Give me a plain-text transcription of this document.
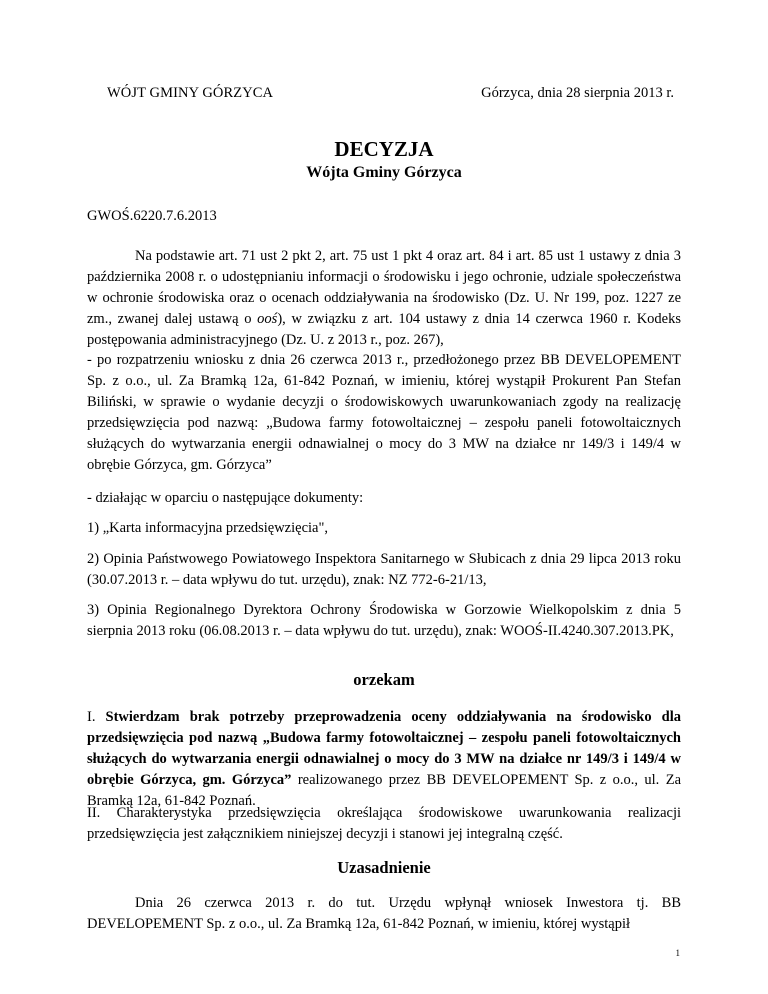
WÓJT GMINY GÓRZYCA	Górzyca, dnia 28 sierpnia 2013 r.
DECYZJA
Wójta Gminy Górzyca
GWOŚ.6220.7.6.2013
Na podstawie art. 71 ust 2 pkt 2, art. 75 ust 1 pkt 4 oraz art. 84 i art. 85 ust 1 ustawy z dnia 3 października 2008 r. o udostępnianiu informacji o środowisku i jego ochronie, udziale społeczeństwa w ochronie środowiska oraz o ocenach oddziaływania na środowisko (Dz. U. Nr 199, poz. 1227 ze zm., zwanej dalej ustawą o ooś), w związku z art. 104 ustawy z dnia 14 czerwca 1960 r. Kodeks postępowania administracyjnego (Dz. U. z 2013 r., poz. 267),
- po rozpatrzeniu wniosku z dnia 26 czerwca 2013 r., przedłożonego przez BB DEVELOPEMENT Sp. z o.o., ul. Za Bramką 12a, 61-842 Poznań, w imieniu, której wystąpił Prokurent Pan Stefan Biliński, w sprawie o wydanie decyzji o środowiskowych uwarunkowaniach zgody na realizację przedsięwzięcia pod nazwą: „Budowa farmy fotowoltaicznej – zespołu paneli fotowoltaicznych służących do wytwarzania energii odnawialnej o mocy do 3 MW na działce nr 149/3 i 149/4 w obrębie Górzyca, gm. Górzyca”
- działając w oparciu o następujące dokumenty:
1) „Karta informacyjna przedsięwzięcia",
2) Opinia Państwowego Powiatowego Inspektora Sanitarnego w Słubicach z dnia 29 lipca 2013 roku (30.07.2013 r. – data wpływu do tut. urzędu), znak: NZ 772-6-21/13,
3) Opinia Regionalnego Dyrektora Ochrony Środowiska w Gorzowie Wielkopolskim z dnia 5 sierpnia 2013 roku (06.08.2013 r. – data wpływu do tut. urzędu), znak: WOOŚ-II.4240.307.2013.PK,
orzekam
I. Stwierdzam brak potrzeby przeprowadzenia oceny oddziaływania na środowisko dla przedsięwzięcia pod nazwą „Budowa farmy fotowoltaicznej – zespołu paneli fotowoltaicznych służących do wytwarzania energii odnawialnej o mocy do 3 MW na działce nr 149/3 i 149/4 w obrębie Górzyca, gm. Górzyca” realizowanego przez BB DEVELOPEMENT Sp. z o.o., ul. Za Bramką 12a, 61-842 Poznań.
II. Charakterystyka przedsięwzięcia określająca środowiskowe uwarunkowania realizacji przedsięwzięcia jest załącznikiem niniejszej decyzji i stanowi jej integralną część.
Uzasadnienie
Dnia 26 czerwca 2013 r. do tut. Urzędu wpłynął wniosek Inwestora tj. BB DEVELOPEMENT Sp. z o.o., ul. Za Bramką 12a, 61-842 Poznań, w imieniu, której wystąpił
1
